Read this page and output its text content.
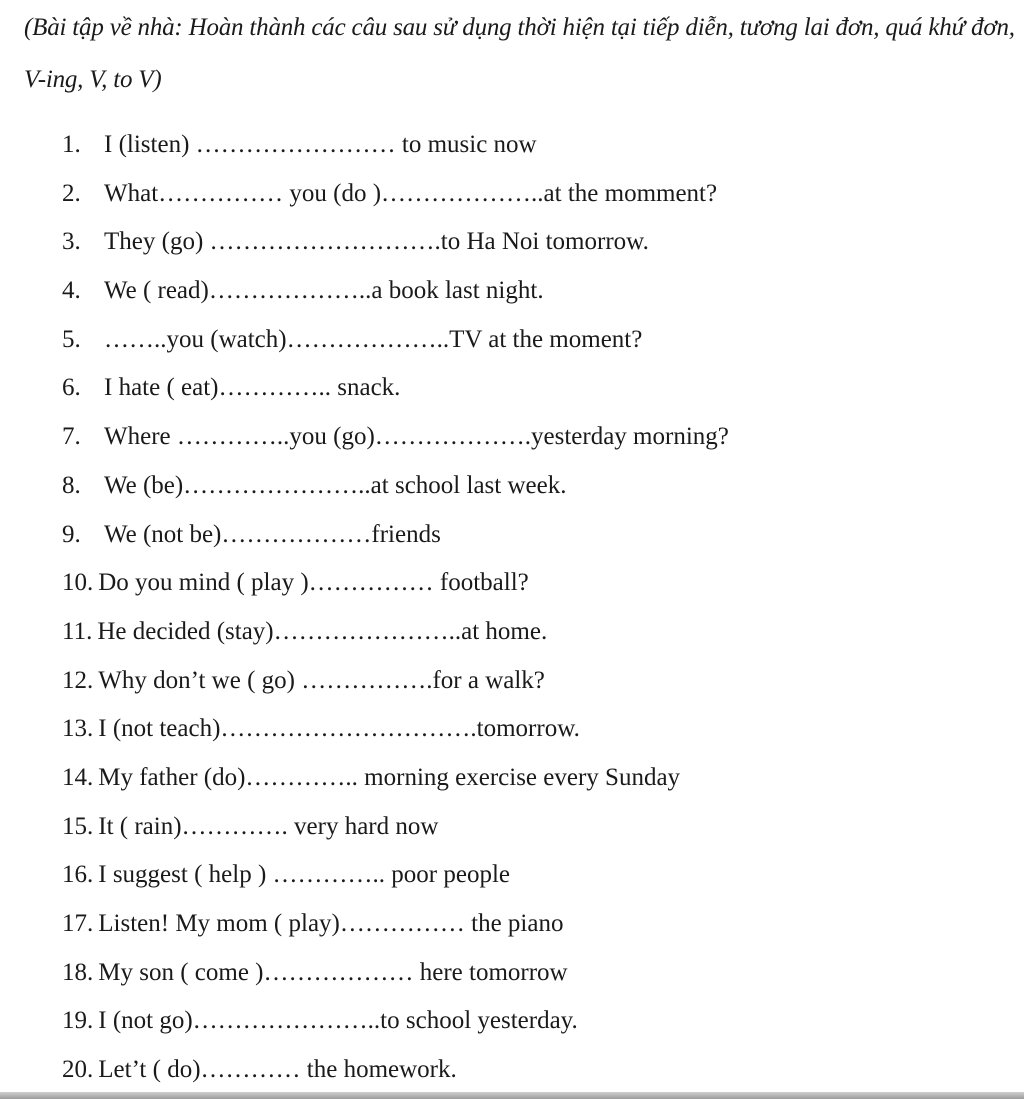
(Bài tập về nhà: Hoàn thành các câu sau sử dụng thời hiện tại tiếp diễn, tương lai đơn, quá khứ đơn, V-ing, V, to V)
1. I (listen) …………………… to music now
2. What…………… you (do )………………..at the momment?
3. They (go) ……………………….to Ha Noi tomorrow.
4. We ( read)………………..a book last night.
5. ……..you (watch)………………..TV at the moment?
6. I hate ( eat)………….. snack.
7. Where …………..you (go)……………….yesterday morning?
8. We (be)…………………..at school last week.
9. We (not be)………………friends
10. Do you mind ( play )…………… football?
11. He decided (stay)…………………..at home.
12. Why don’t we ( go) …………….for a walk?
13. I (not teach)………………………….tomorrow.
14. My father (do)………….. morning exercise every Sunday
15. It ( rain)…………. very hard now
16. I suggest ( help ) ………….. poor people
17. Listen! My mom ( play)…………… the piano
18. My son ( come )……………… here tomorrow
19. I (not go)…………………..to school yesterday.
20. Let’t ( do)………… the homework.
